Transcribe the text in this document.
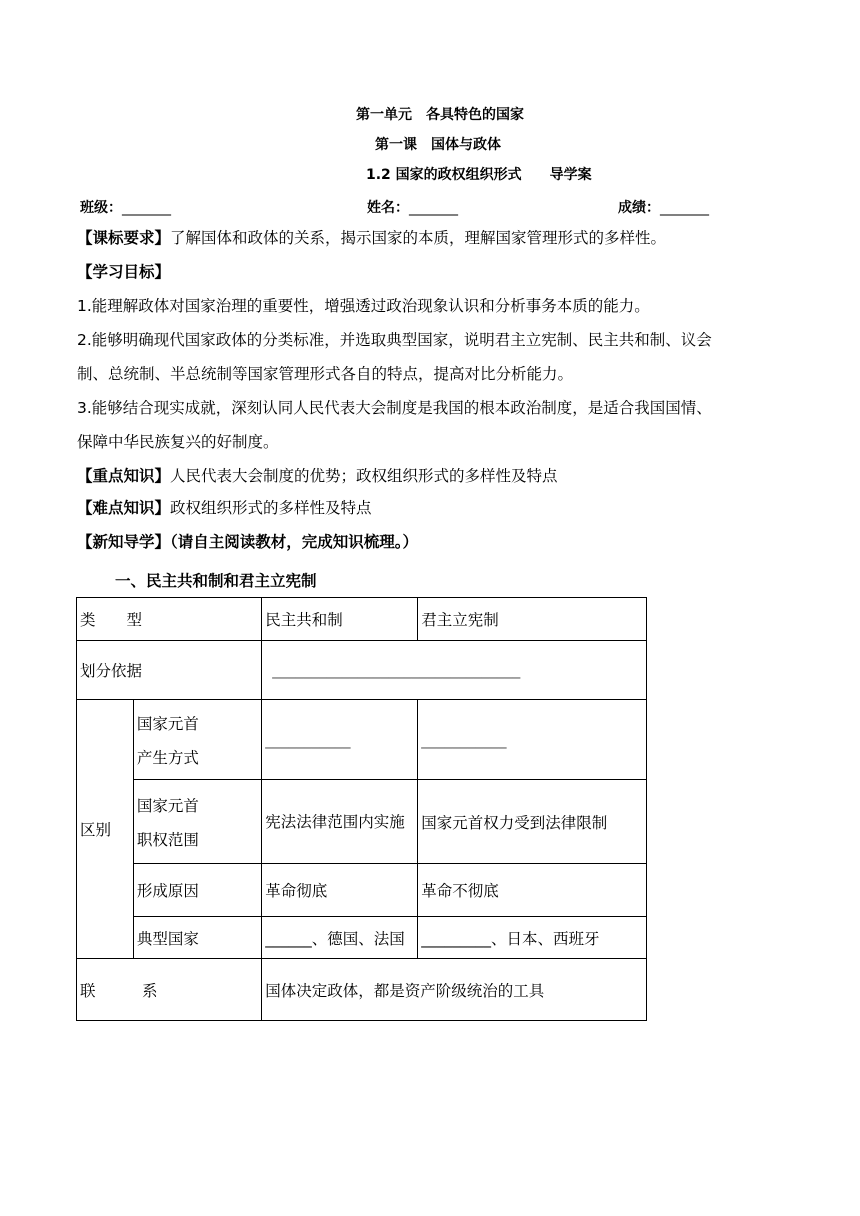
第一单元　各具特色的国家
第一课　国体与政体
1.2 国家的政权组织形式　　导学案
班级：_______	姓名：_______	成绩：_______
【课标要求】了解国体和政体的关系，揭示国家的本质，理解国家管理形式的多样性。
【学习目标】
1.能理解政体对国家治理的重要性，增强透过政治现象认识和分析事务本质的能力。
2.能够明确现代国家政体的分类标准，并选取典型国家，说明君主立宪制、民主共和制、议会
制、总统制、半总统制等国家管理形式各自的特点，提高对比分析能力。
3.能够结合现实成就，深刻认同人民代表大会制度是我国的根本政治制度，是适合我国国情、
保障中华民族复兴的好制度。
【重点知识】人民代表大会制度的优势；政权组织形式的多样性及特点
【难点知识】政权组织形式的多样性及特点
【新知导学】（请自主阅读教材，完成知识梳理。）
一、民主共和制和君主立宪制
类　　型		民主共和制	君主立宪制
划分依据		________________________________	
区别	国家元首
产生方式	___________	___________

	国家元首
职权范围	宪法法律范围内实施	国家元首权力受到法律限制
	形成原因	革命彻底	革命不彻底
	典型国家	______、德国、法国	_________、日本、西班牙
联　　　系		国体决定政体，都是资产阶级统治的工具	
